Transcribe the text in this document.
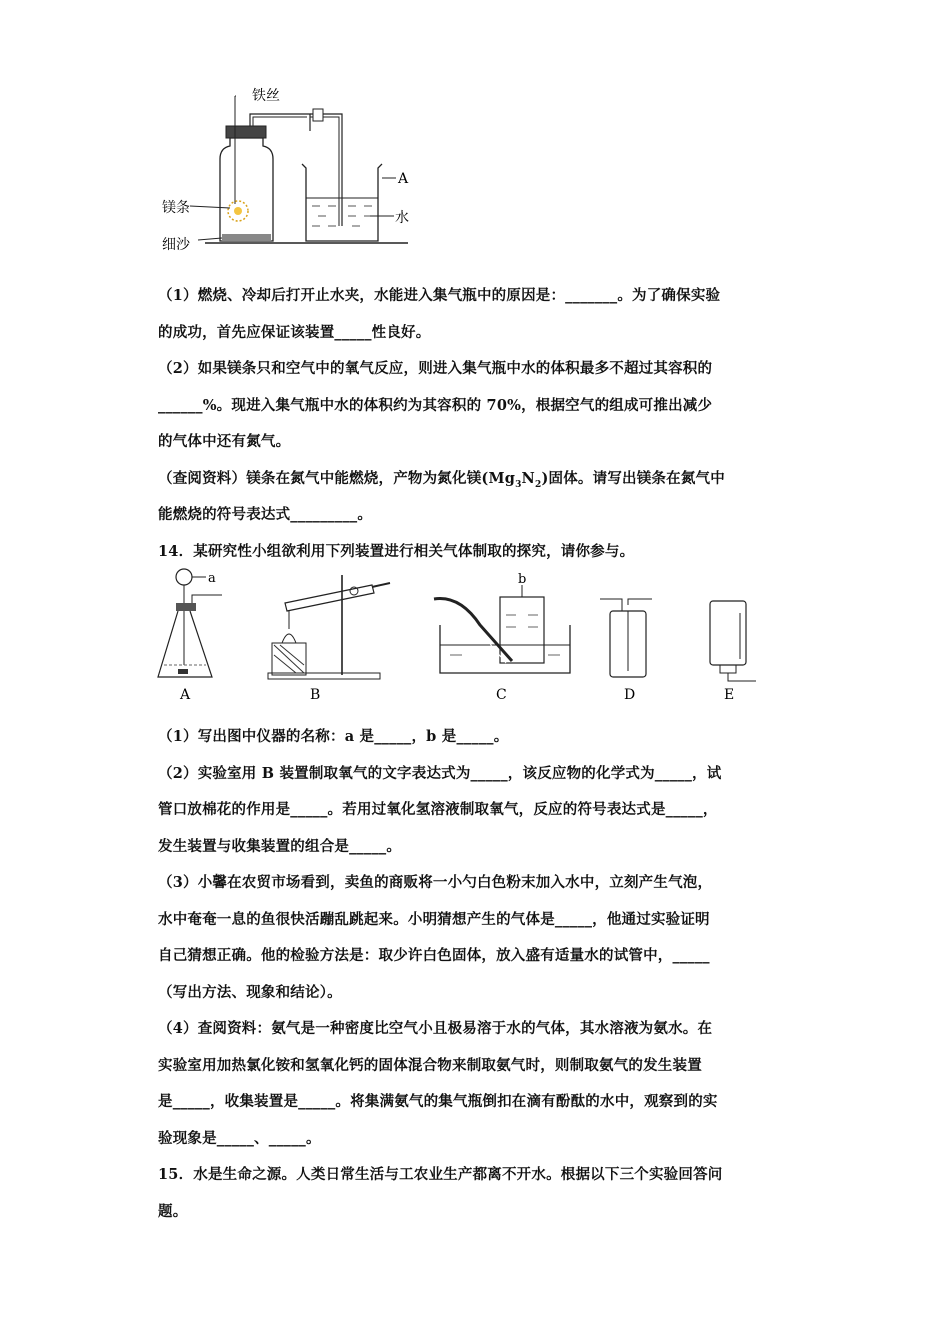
铁丝
A
镁条
水
细沙

（1）燃烧、冷却后打开止水夹，水能进入集气瓶中的原因是：_______。为了确保实验

的成功，首先应保证该装置_____性良好。

（2）如果镁条只和空气中的氧气反应，则进入集气瓶中水的体积最多不超过其容积的

______%。现进入集气瓶中水的体积约为其容积的 70%，根据空气的组成可推出减少

的气体中还有氮气。

（查阅资料）镁条在氮气中能燃烧，产物为氮化镁$(Mg_3N_2)$固体。请写出镁条在氮气中

能燃烧的符号表达式_________。

14．某研究性小组欲利用下列装置进行相关气体制取的探究，请你参与。

a	b
A	B	C	D	E

（1）写出图中仪器的名称：a 是_____，b 是_____。

（2）实验室用 B 装置制取氧气的文字表达式为_____，该反应物的化学式为_____，试

管口放棉花的作用是_____。若用过氧化氢溶液制取氧气，反应的符号表达式是_____，

发生装置与收集装置的组合是_____。

（3）小馨在农贸市场看到，卖鱼的商贩将一小勺白色粉末加入水中，立刻产生气泡，

水中奄奄一息的鱼很快活蹦乱跳起来。小明猜想产生的气体是_____，他通过实验证明

自己猜想正确。他的检验方法是：取少许白色固体，放入盛有适量水的试管中，_____

（写出方法、现象和结论）。

（4）查阅资料：氨气是一种密度比空气小且极易溶于水的气体，其水溶液为氨水。在

实验室用加热氯化铵和氢氧化钙的固体混合物来制取氨气时，则制取氨气的发生装置

是_____，收集装置是_____。将集满氨气的集气瓶倒扣在滴有酚酞的水中，观察到的实

验现象是_____、_____。

15．水是生命之源。人类日常生活与工农业生产都离不开水。根据以下三个实验回答问

题。
